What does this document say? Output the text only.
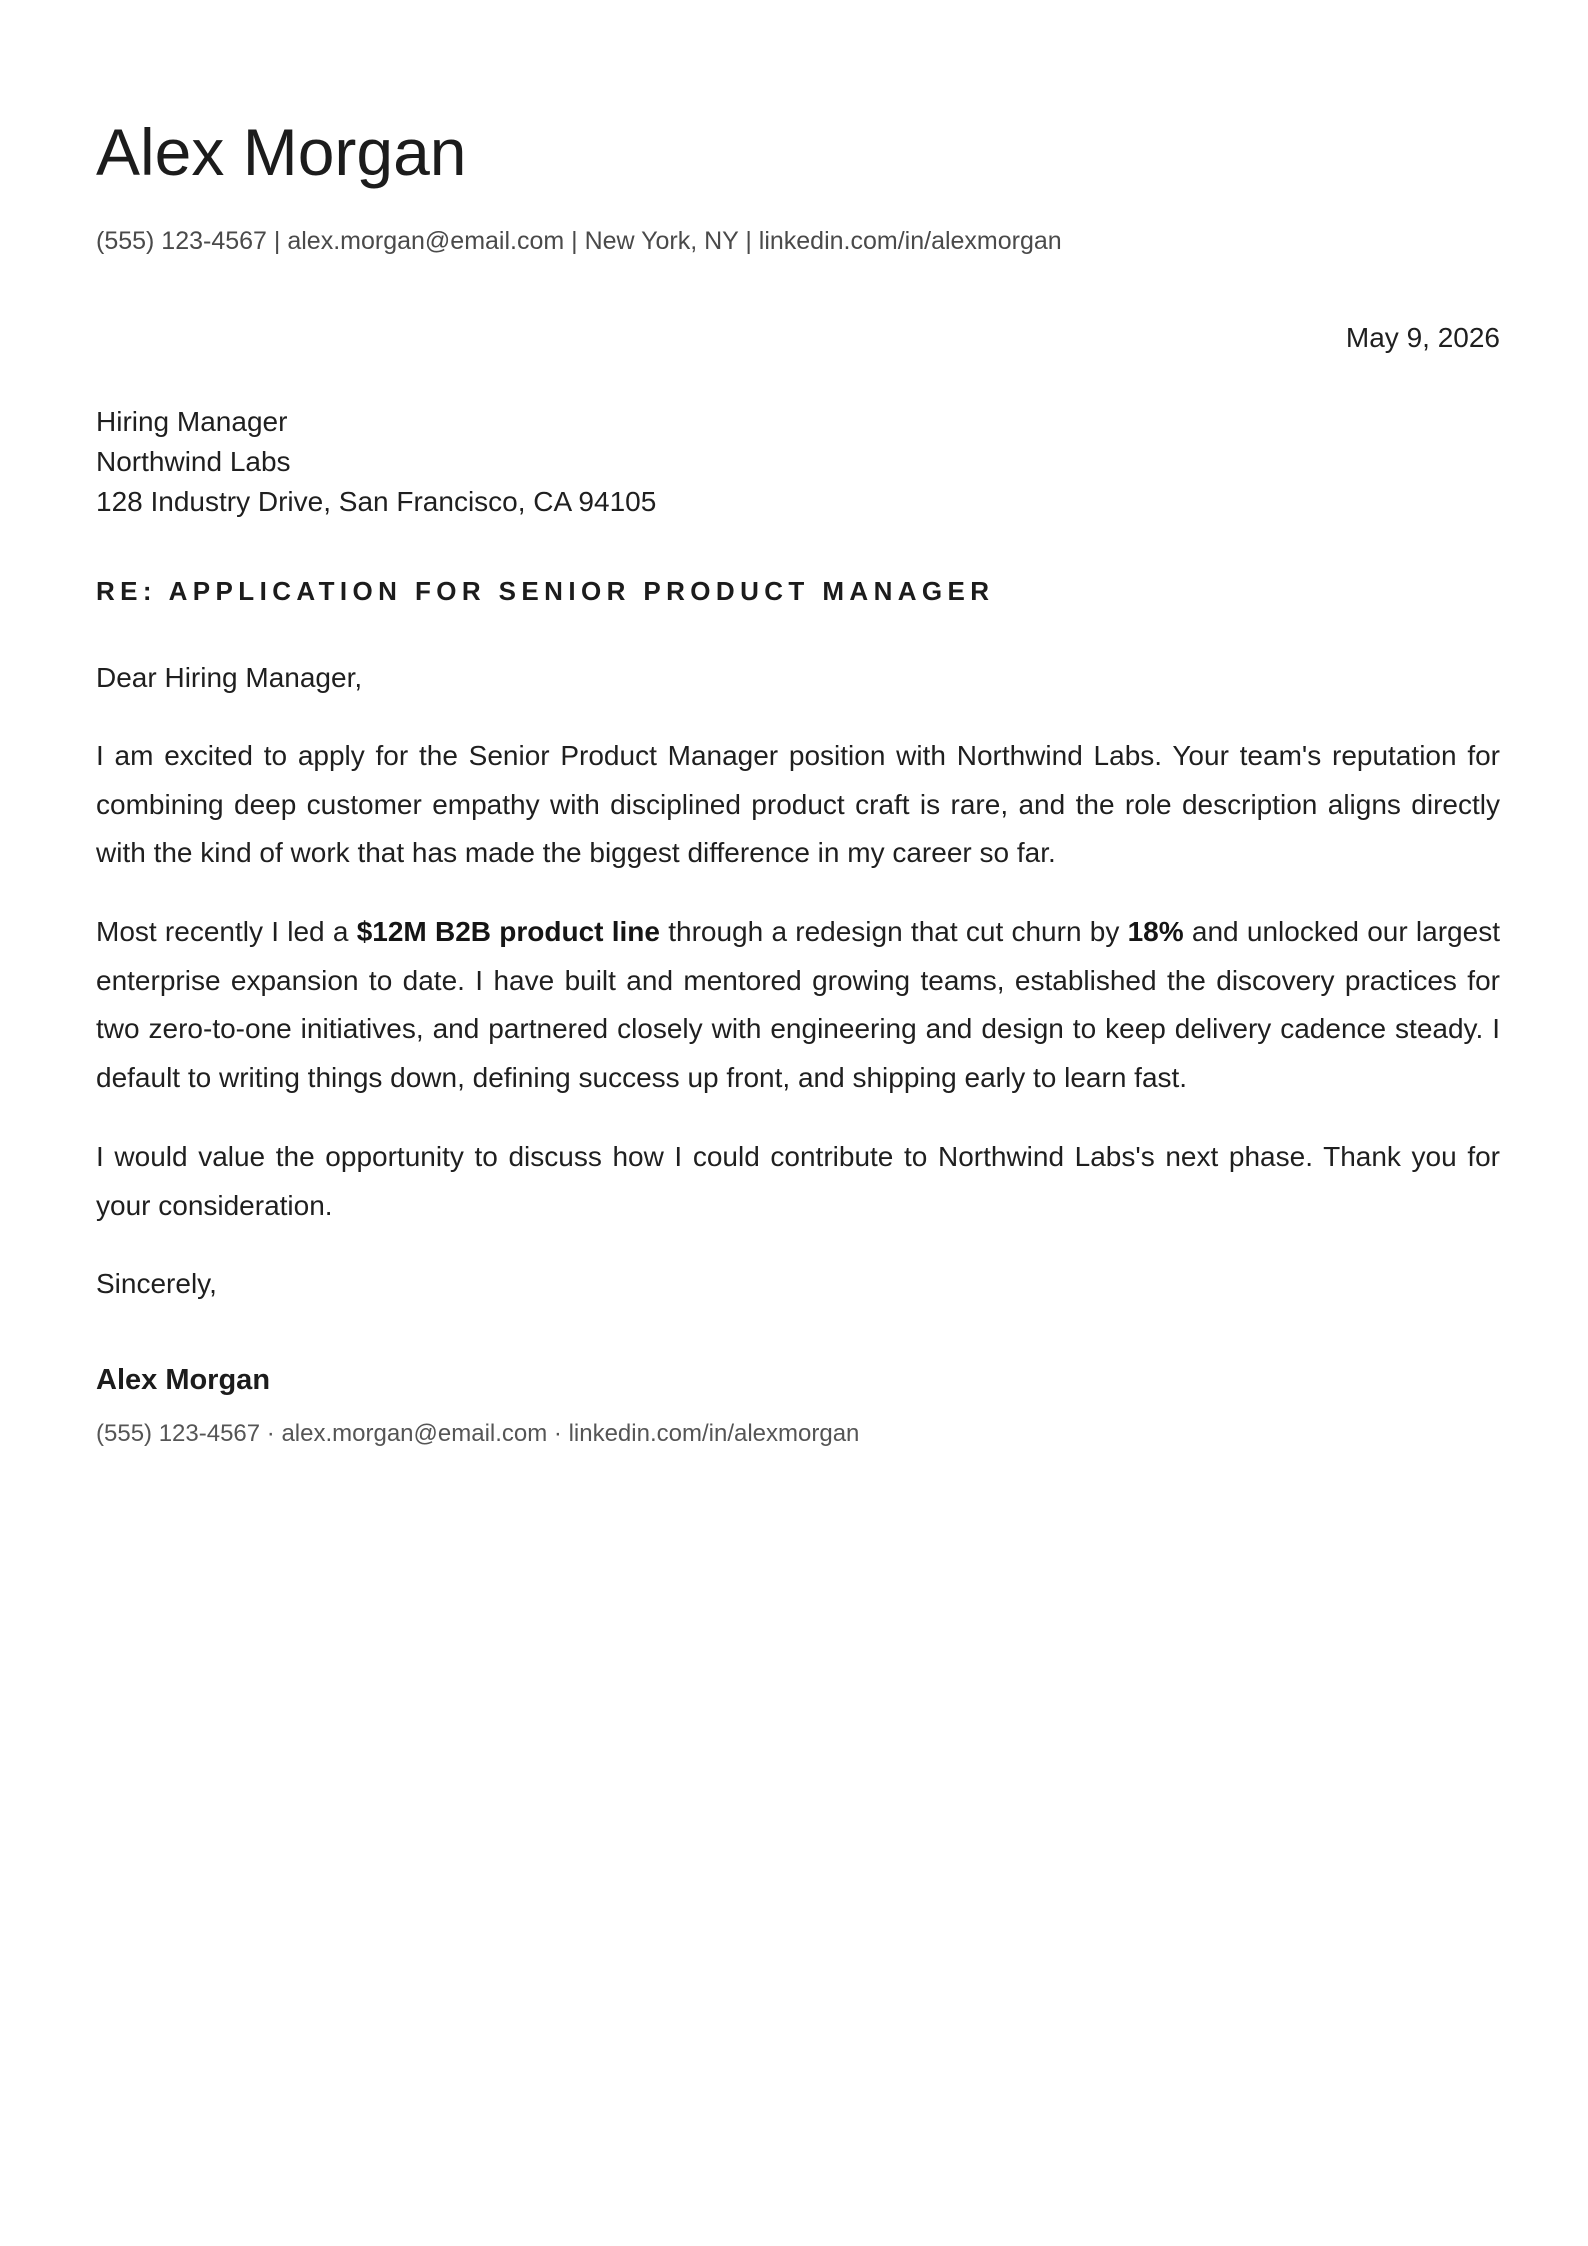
Alex Morgan
(555) 123-4567 | alex.morgan@email.com | New York, NY | linkedin.com/in/alexmorgan
May 9, 2026
Hiring Manager
Northwind Labs
128 Industry Drive, San Francisco, CA 94105
RE: APPLICATION FOR SENIOR PRODUCT MANAGER
Dear Hiring Manager,

I am excited to apply for the Senior Product Manager position with Northwind Labs. Your team's reputation for combining deep customer empathy with disciplined product craft is rare, and the role description aligns directly with the kind of work that has made the biggest difference in my career so far.

Most recently I led a $12M B2B product line through a redesign that cut churn by 18% and unlocked our largest enterprise expansion to date. I have built and mentored growing teams, established the discovery practices for two zero-to-one initiatives, and partnered closely with engineering and design to keep delivery cadence steady. I default to writing things down, defining success up front, and shipping early to learn fast.

I would value the opportunity to discuss how I could contribute to Northwind Labs's next phase. Thank you for your consideration.

Sincerely,
Alex Morgan
(555) 123-4567 · alex.morgan@email.com · linkedin.com/in/alexmorgan
